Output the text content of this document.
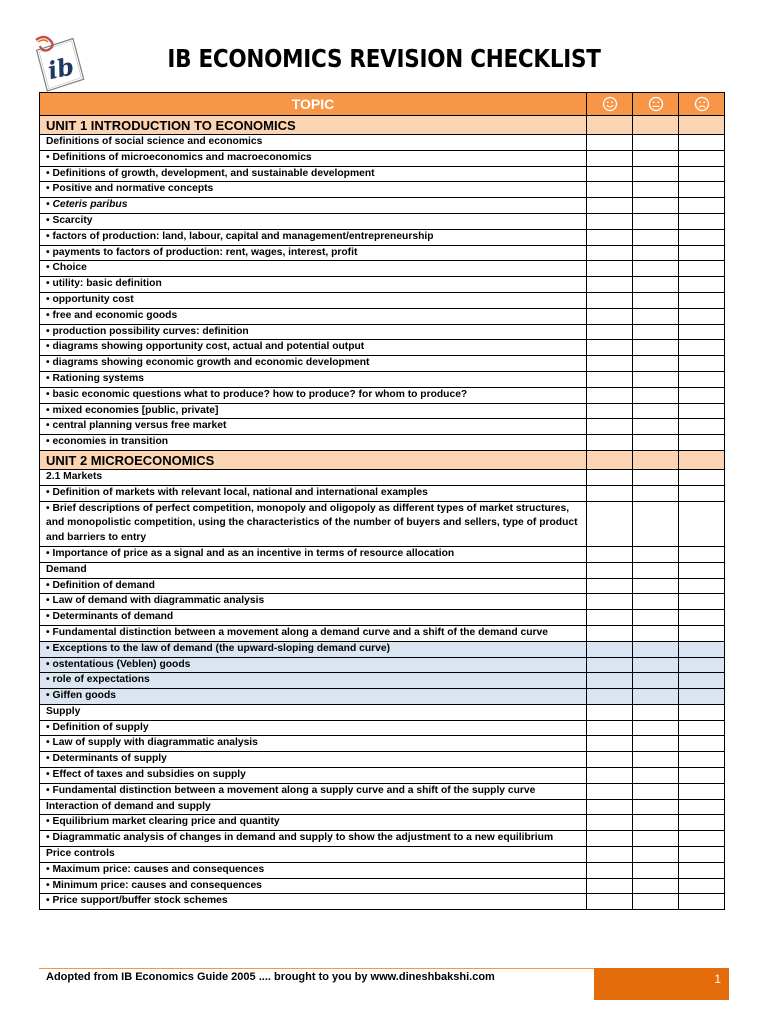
ib	IB ECONOMICS REVISION CHECKLIST
TOPIC	

UNIT 1 INTRODUCTION TO ECONOMICS			
Definitions of social science and economics			
• Definitions of microeconomics and macroeconomics			
• Definitions of growth, development, and sustainable development			
• Positive and normative concepts			
• Ceteris paribus			
• Scarcity			
• factors of production: land, labour, capital and management/entrepreneurship			
• payments to factors of production: rent, wages, interest, profit			
• Choice			
• utility: basic definition			
• opportunity cost			
• free and economic goods			
• production possibility curves: definition			
• diagrams showing opportunity cost, actual and potential output			
• diagrams showing economic growth and economic development			
• Rationing systems			
• basic economic questions what to produce? how to produce? for whom to produce?			
• mixed economies [public, private]			
• central planning versus free market			
• economies in transition			
UNIT 2 MICROECONOMICS			
2.1 Markets			
• Definition of markets with relevant local, national and international examples			
• Brief descriptions of perfect competition, monopoly and oligopoly as different types of market structures, and monopolistic competition, using the characteristics of the number of buyers and sellers, type of product and barriers to entry			
• Importance of price as a signal and as an incentive in terms of resource allocation			
Demand			
• Definition of demand			
• Law of demand with diagrammatic analysis			
• Determinants of demand			
• Fundamental distinction between a movement along a demand curve and a shift of the demand curve			
• Exceptions to the law of demand (the upward-sloping demand curve)			
• ostentatious (Veblen) goods			
• role of expectations			
• Giffen goods			
Supply			
• Definition of supply			
• Law of supply with diagrammatic analysis			
• Determinants of supply			
• Effect of taxes and subsidies on supply			
• Fundamental distinction between a movement along a supply curve and a shift of the supply curve			
Interaction of demand and supply			
• Equilibrium market clearing price and quantity			
• Diagrammatic analysis of changes in demand and supply to show the adjustment to a new equilibrium			
Price controls			
• Maximum price: causes and consequences			
• Minimum price: causes and consequences			
• Price support/buffer stock schemes			
Adopted from IB Economics Guide 2005 .... brought to you by www.dineshbakshi.com	1
